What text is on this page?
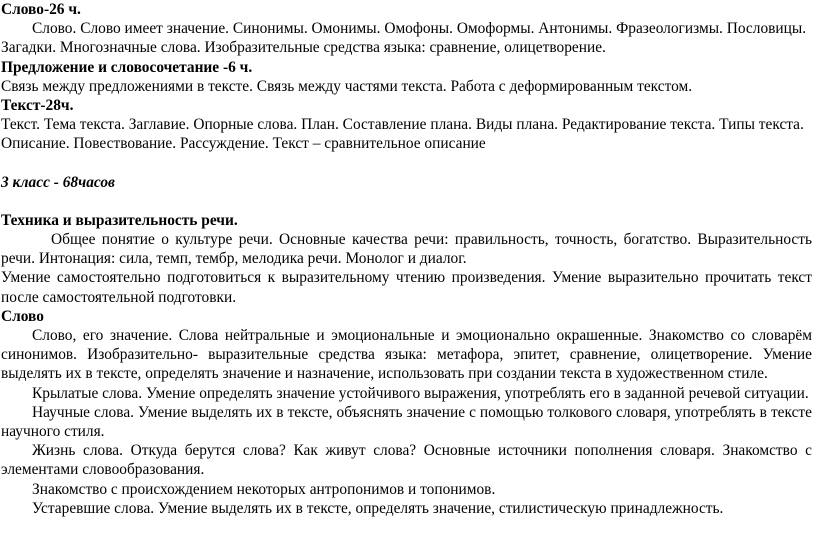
Слово-26 ч.

Слово. Слово имеет значение. Синонимы. Омонимы. Омофоны. Омоформы. Антонимы. Фразеологизмы. Пословицы. Загадки. Многозначные слова. Изобразительные средства языка: сравнение, олицетворение.

Предложение и словосочетание -6 ч.

Связь между предложениями в тексте. Связь между частями текста. Работа с деформированным текстом.

Текст-28ч.

Текст. Тема текста. Заглавие. Опорные слова. План. Составление плана. Виды плана. Редактирование текста. Типы текста. Описание. Повествование. Рассуждение. Текст – сравнительное описание

3 класс - 68часов

Техника и выразительность речи.

Общее понятие о культуре речи. Основные качества речи: правильность, точность, богатство. Выразительность речи. Интонация: сила, темп, тембр, мелодика речи. Монолог и диалог.

Умение самостоятельно подготовиться к выразительному чтению произведения. Умение выразительно прочитать текст после самостоятельной подготовки.

Слово

Слово, его значение. Слова нейтральные и эмоциональные и эмоционально окрашенные. Знакомство со словарём синонимов. Изобразительно- выразительные средства языка: метафора, эпитет, сравнение, олицетворение. Умение выделять их в тексте, определять значение и назначение, использовать при создании текста в художественном стиле.

Крылатые слова. Умение определять значение устойчивого выражения, употреблять его в заданной речевой ситуации.

Научные слова. Умение выделять их в тексте, объяснять значение с помощью толкового словаря, употреблять в тексте научного стиля.

Жизнь слова. Откуда берутся слова? Как живут слова? Основные источники пополнения словаря. Знакомство с элементами словообразования.

Знакомство с происхождением некоторых антропонимов и топонимов.

Устаревшие слова. Умение выделять их в тексте, определять значение, стилистическую принадлежность.
